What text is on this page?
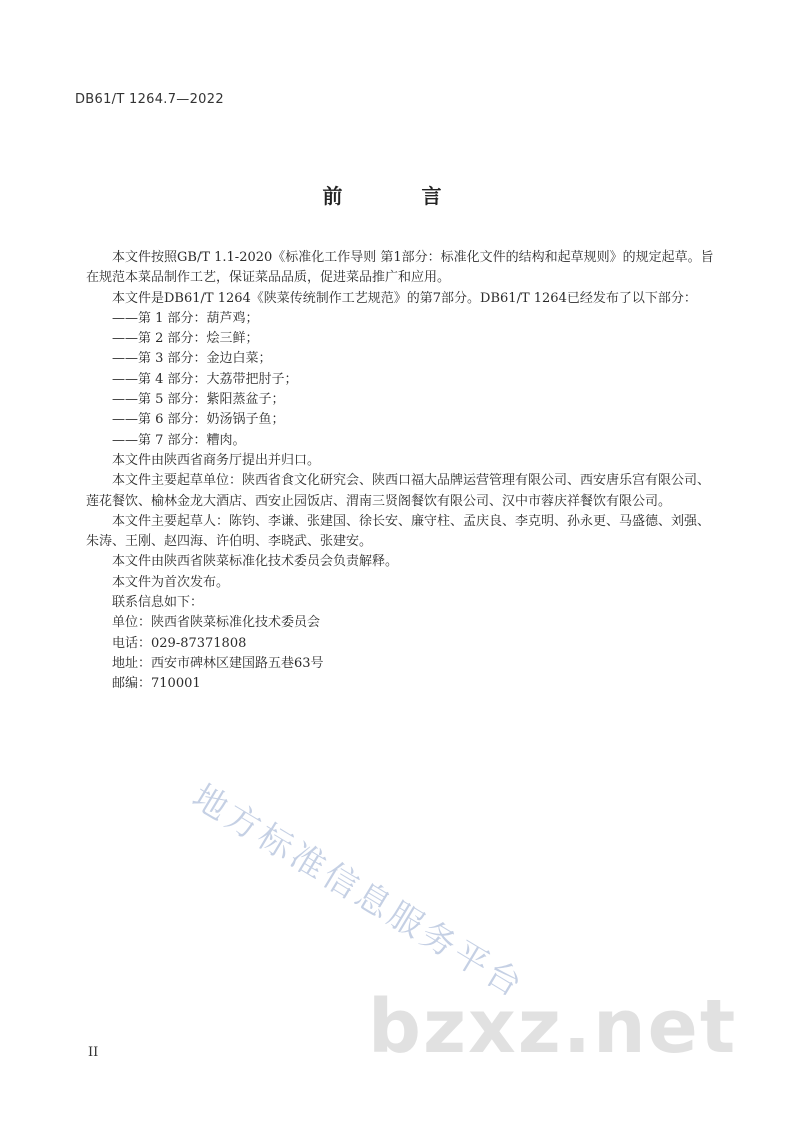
DB61/T 1264.7—2022
前 言

本文件按照GB/T 1.1-2020《标准化工作导则 第1部分：标准化文件的结构和起草规则》的规定起草。旨在规范本菜品制作工艺，保证菜品品质，促进菜品推广和应用。

本文件是DB61/T 1264《陕菜传统制作工艺规范》的第7部分。DB61/T 1264已经发布了以下部分：

——第 1 部分：葫芦鸡；

——第 2 部分：烩三鲜；

——第 3 部分：金边白菜；

——第 4 部分：大荔带把肘子；

——第 5 部分：紫阳蒸盆子；

——第 6 部分：奶汤锅子鱼；

——第 7 部分：糟肉。

本文件由陕西省商务厅提出并归口。

本文件主要起草单位：陕西省食文化研究会、陕西口福大品牌运营管理有限公司、西安唐乐宫有限公司、莲花餐饮、榆林金龙大酒店、西安止园饭店、渭南三贤阁餐饮有限公司、汉中市蓉庆祥餐饮有限公司。

本文件主要起草人：陈钧、李谦、张建国、徐长安、廉守柱、孟庆良、李克明、孙永更、马盛德、刘强、朱涛、王刚、赵四海、许伯明、李晓武、张建安。

本文件由陕西省陕菜标准化技术委员会负责解释。

本文件为首次发布。

联系信息如下：

单位：陕西省陕菜标准化技术委员会

电话：029-87371808

地址：西安市碑林区建国路五巷63号

邮编：710001

地方标准信息服务平台
bzxz.net
II
